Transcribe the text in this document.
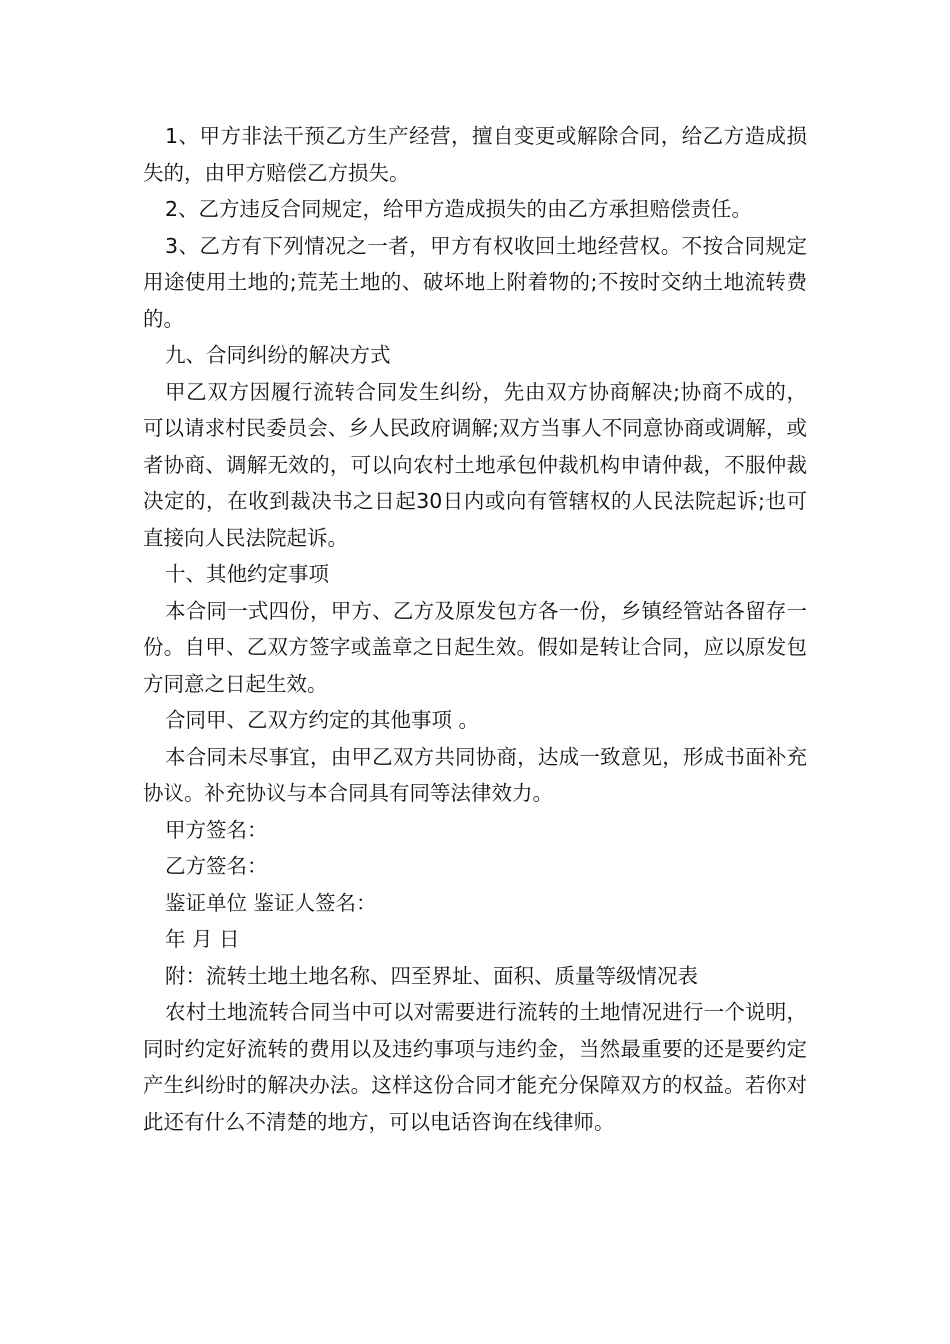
1、甲方非法干预乙方生产经营，擅自变更或解除合同，给乙方造成损失的，由甲方赔偿乙方损失。

2、乙方违反合同规定，给甲方造成损失的由乙方承担赔偿责任。

3、乙方有下列情况之一者，甲方有权收回土地经营权。不按合同规定用途使用土地的;荒芜土地的、破坏地上附着物的;不按时交纳土地流转费的。

九、合同纠纷的解决方式

甲乙双方因履行流转合同发生纠纷，先由双方协商解决;协商不成的，可以请求村民委员会、乡人民政府调解;双方当事人不同意协商或调解，或者协商、调解无效的，可以向农村土地承包仲裁机构申请仲裁，不服仲裁决定的，在收到裁决书之日起30日内或向有管辖权的人民法院起诉;也可直接向人民法院起诉。

十、其他约定事项

本合同一式四份，甲方、乙方及原发包方各一份，乡镇经管站各留存一份。自甲、乙双方签字或盖章之日起生效。假如是转让合同，应以原发包方同意之日起生效。

合同甲、乙双方约定的其他事项 。

本合同未尽事宜，由甲乙双方共同协商，达成一致意见，形成书面补充协议。补充协议与本合同具有同等法律效力。

甲方签名：

乙方签名：

鉴证单位 鉴证人签名：

年 月 日

附：流转土地土地名称、四至界址、面积、质量等级情况表

农村土地流转合同当中可以对需要进行流转的土地情况进行一个说明，同时约定好流转的费用以及违约事项与违约金，当然最重要的还是要约定产生纠纷时的解决办法。这样这份合同才能充分保障双方的权益。若你对此还有什么不清楚的地方，可以电话咨询在线律师。
